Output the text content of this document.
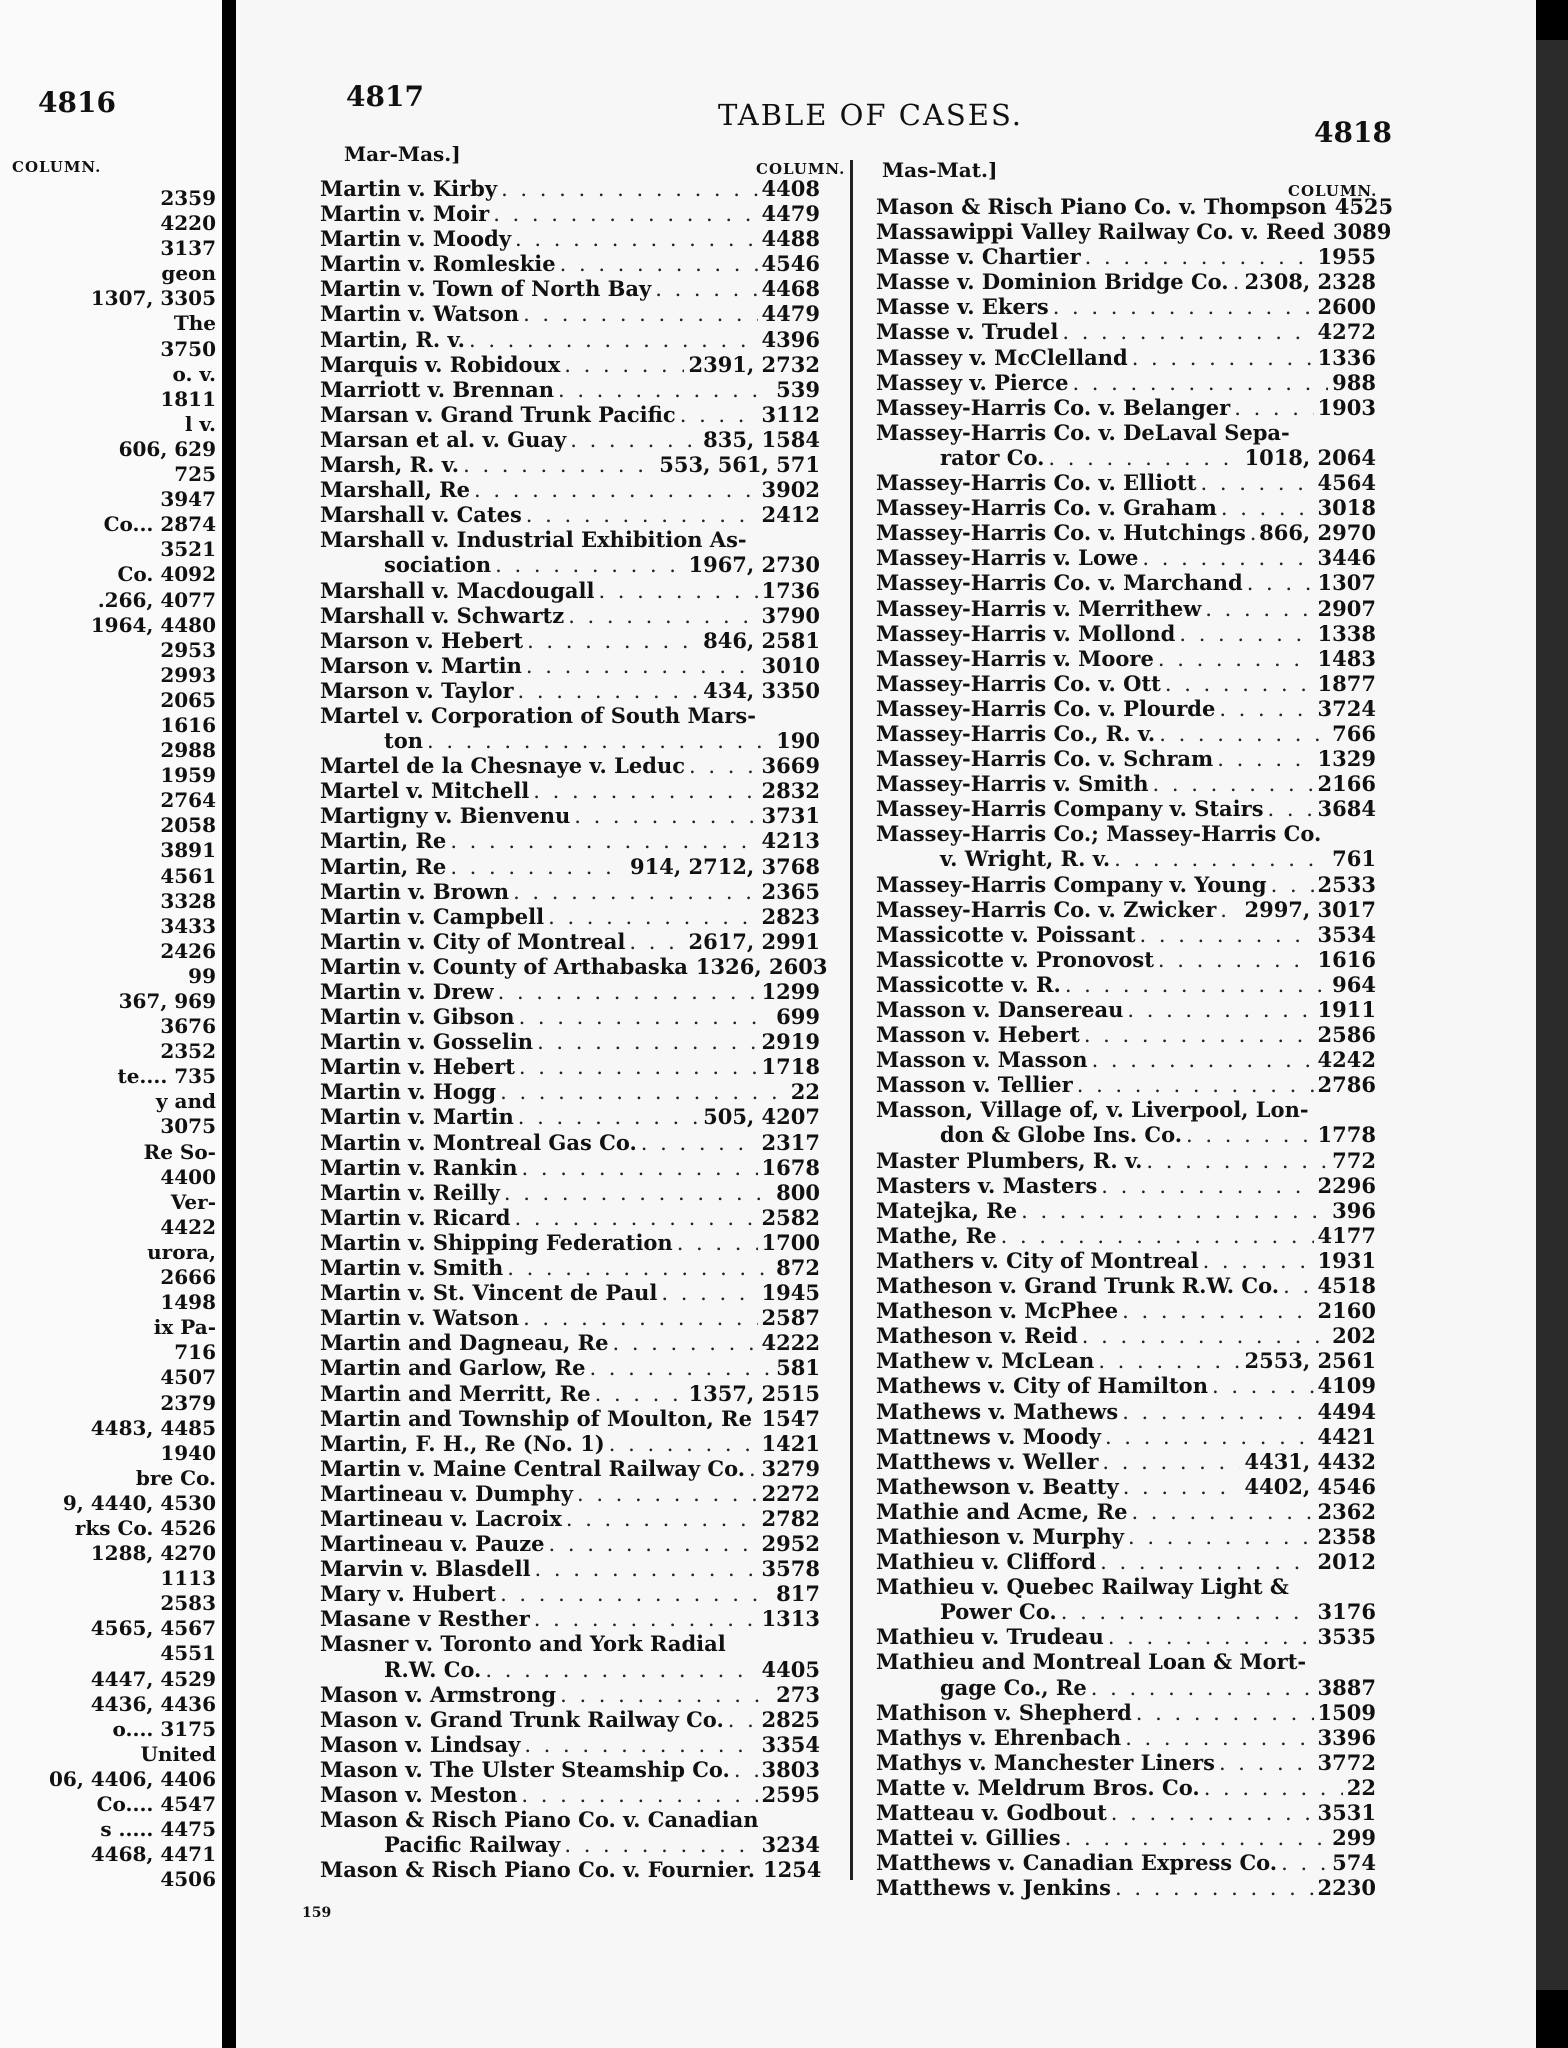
4816
COLUMN.
2359
4220
3137
geon
1307, 3305
The
3750
o. v.
1811
l v.
606, 629
725
3947
Co... 2874
3521
Co. 4092
.266, 4077
1964, 4480
2953
2993
2065
1616
2988
1959
2764
2058
3891
4561
3328
3433
2426
99
367, 969
3676
2352
te.... 735
y and
3075
Re So-
4400
Ver-
4422
urora,
2666
1498
ix Pa-
716
4507
2379
4483, 4485
1940
bre Co.
9, 4440, 4530
rks Co. 4526
1288, 4270
1113
2583
4565, 4567
4551
4447, 4529
4436, 4436
o.... 3175
United
06, 4406, 4406
Co.... 4547
s ..... 4475
4468, 4471
4506
4817
TABLE OF CASES.
4818
Mar-Mas.]
COLUMN.
Martin v. Kirby . . .	4408
Martin v. Moir . . .	4479
Martin v. Moody . . .	4488
Martin v. Romleskie . . .	4546
Martin v. Town of North Bay . . .	4468
Martin v. Watson . . .	4479
Martin, R. v. . . .	4396
Marquis v. Robidoux . . .	2391, 2732
Marriott v. Brennan . . .	539
Marsan v. Grand Trunk Pacific . . .	3112
Marsan et al. v. Guay . . .	835, 1584
Marsh, R. v. . . .	553, 561, 571
Marshall, Re . . .	3902
Marshall v. Cates . . .	2412
Marshall v. Industrial Exhibition As-
sociation . . .	1967, 2730
Marshall v. Macdougall . . .	1736
Marshall v. Schwartz . . .	3790
Marson v. Hebert . . .	846, 2581
Marson v. Martin . . .	3010
Marson v. Taylor . . .	434, 3350
Martel v. Corporation of South Mars-
ton . . .	190
Martel de la Chesnaye v. Leduc . . .	3669
Martel v. Mitchell . . .	2832
Martigny v. Bienvenu . . .	3731
Martin, Re . . .	4213
Martin, Re . . .	914, 2712, 3768
Martin v. Brown . . .	2365
Martin v. Campbell . . .	2823
Martin v. City of Montreal . . .	2617, 2991
Martin v. County of Arthabaska 1326, 2603
Martin v. Drew . . .	1299
Martin v. Gibson . . .	699
Martin v. Gosselin . . .	2919
Martin v. Hebert . . .	1718
Martin v. Hogg . . .	22
Martin v. Martin . . .	505, 4207
Martin v. Montreal Gas Co. . . .	2317
Martin v. Rankin . . .	1678
Martin v. Reilly . . .	800
Martin v. Ricard . . .	2582
Martin v. Shipping Federation . . .	1700
Martin v. Smith . . .	872
Martin v. St. Vincent de Paul . . .	1945
Martin v. Watson . . .	2587
Martin and Dagneau, Re . . .	4222
Martin and Garlow, Re . . .	581
Martin and Merritt, Re . . .	1357, 2515
Martin and Township of Moulton, Re . . . 1547
Martin, F. H., Re (No. 1) . . .	1421
Martin v. Maine Central Railway Co. . . . 3279
Martineau v. Dumphy . . .	2272
Martineau v. Lacroix . . .	2782
Martineau v. Pauze . . .	2952
Marvin v. Blasdell . . .	3578
Mary v. Hubert . . .	817
Masane v Resther . . .	1313
Masner v. Toronto and York Radial
R.W. Co. . . .	4405
Mason v. Armstrong . . .	273
Mason v. Grand Trunk Railway Co. . . . 2825
Mason v. Lindsay . . .	3354
Mason v. The Ulster Steamship Co. . . . 3803
Mason v. Meston . . .	2595
Mason & Risch Piano Co. v. Canadian
Pacific Railway . . .	3234
Mason & Risch Piano Co. v. Fournier. 1254
Mas-Mat.]
COLUMN.
Mason & Risch Piano Co. v. Thompson 4525
Massawippi Valley Railway Co. v. Reed 3089
Masse v. Chartier . . .	1955
Masse v. Dominion Bridge Co. . . . 2308, 2328
Masse v. Ekers . . .	2600
Masse v. Trudel . . .	4272
Massey v. McClelland . . .	1336
Massey v. Pierce . . .	988
Massey-Harris Co. v. Belanger . . .	1903
Massey-Harris Co. v. DeLaval Sepa-
rator Co. . . .	1018, 2064
Massey-Harris Co. v. Elliott . . .	4564
Massey-Harris Co. v. Graham . . .	3018
Massey-Harris Co. v. Hutchings . . . 866, 2970
Massey-Harris v. Lowe . . .	3446
Massey-Harris Co. v. Marchand . . .	1307
Massey-Harris v. Merrithew . . .	2907
Massey-Harris v. Mollond . . .	1338
Massey-Harris v. Moore . . .	1483
Massey-Harris Co. v. Ott . . .	1877
Massey-Harris Co. v. Plourde . . .	3724
Massey-Harris Co., R. v. . . .	766
Massey-Harris Co. v. Schram . . .	1329
Massey-Harris v. Smith . . .	2166
Massey-Harris Company v. Stairs . . .	3684
Massey-Harris Co.; Massey-Harris Co.
v. Wright, R. v. . . .	761
Massey-Harris Company v. Young . . . 2533
Massey-Harris Co. v. Zwicker . . . 2997, 3017
Massicotte v. Poissant . . .	3534
Massicotte v. Pronovost . . .	1616
Massicotte v. R. . . .	964
Masson v. Dansereau . . .	1911
Masson v. Hebert . . .	2586
Masson v. Masson . . .	4242
Masson v. Tellier . . .	2786
Masson, Village of, v. Liverpool, Lon-
don & Globe Ins. Co. . . .	1778
Master Plumbers, R. v. . . .	772
Masters v. Masters . . .	2296
Matejka, Re . . .	396
Mathe, Re . . .	4177
Mathers v. City of Montreal . . .	1931
Matheson v. Grand Trunk R.W. Co. . . . 4518
Matheson v. McPhee . . .	2160
Matheson v. Reid . . .	202
Mathew v. McLean . . .	2553, 2561
Mathews v. City of Hamilton . . .	4109
Mathews v. Mathews . . .	4494
Mattnews v. Moody . . .	4421
Matthews v. Weller . . .	4431, 4432
Mathewson v. Beatty . . .	4402, 4546
Mathie and Acme, Re . . .	2362
Mathieson v. Murphy . . .	2358
Mathieu v. Clifford . . .	2012
Mathieu v. Quebec Railway Light &
Power Co. . . .	3176
Mathieu v. Trudeau . . .	3535
Mathieu and Montreal Loan & Mort-
gage Co., Re . . .	3887
Mathison v. Shepherd . . .	1509
Mathys v. Ehrenbach . . .	3396
Mathys v. Manchester Liners . . .	3772
Matte v. Meldrum Bros. Co. . . .	22
Matteau v. Godbout . . .	3531
Mattei v. Gillies . . .	299
Matthews v. Canadian Express Co. . . .	574
Matthews v. Jenkins . . .	2230
159
